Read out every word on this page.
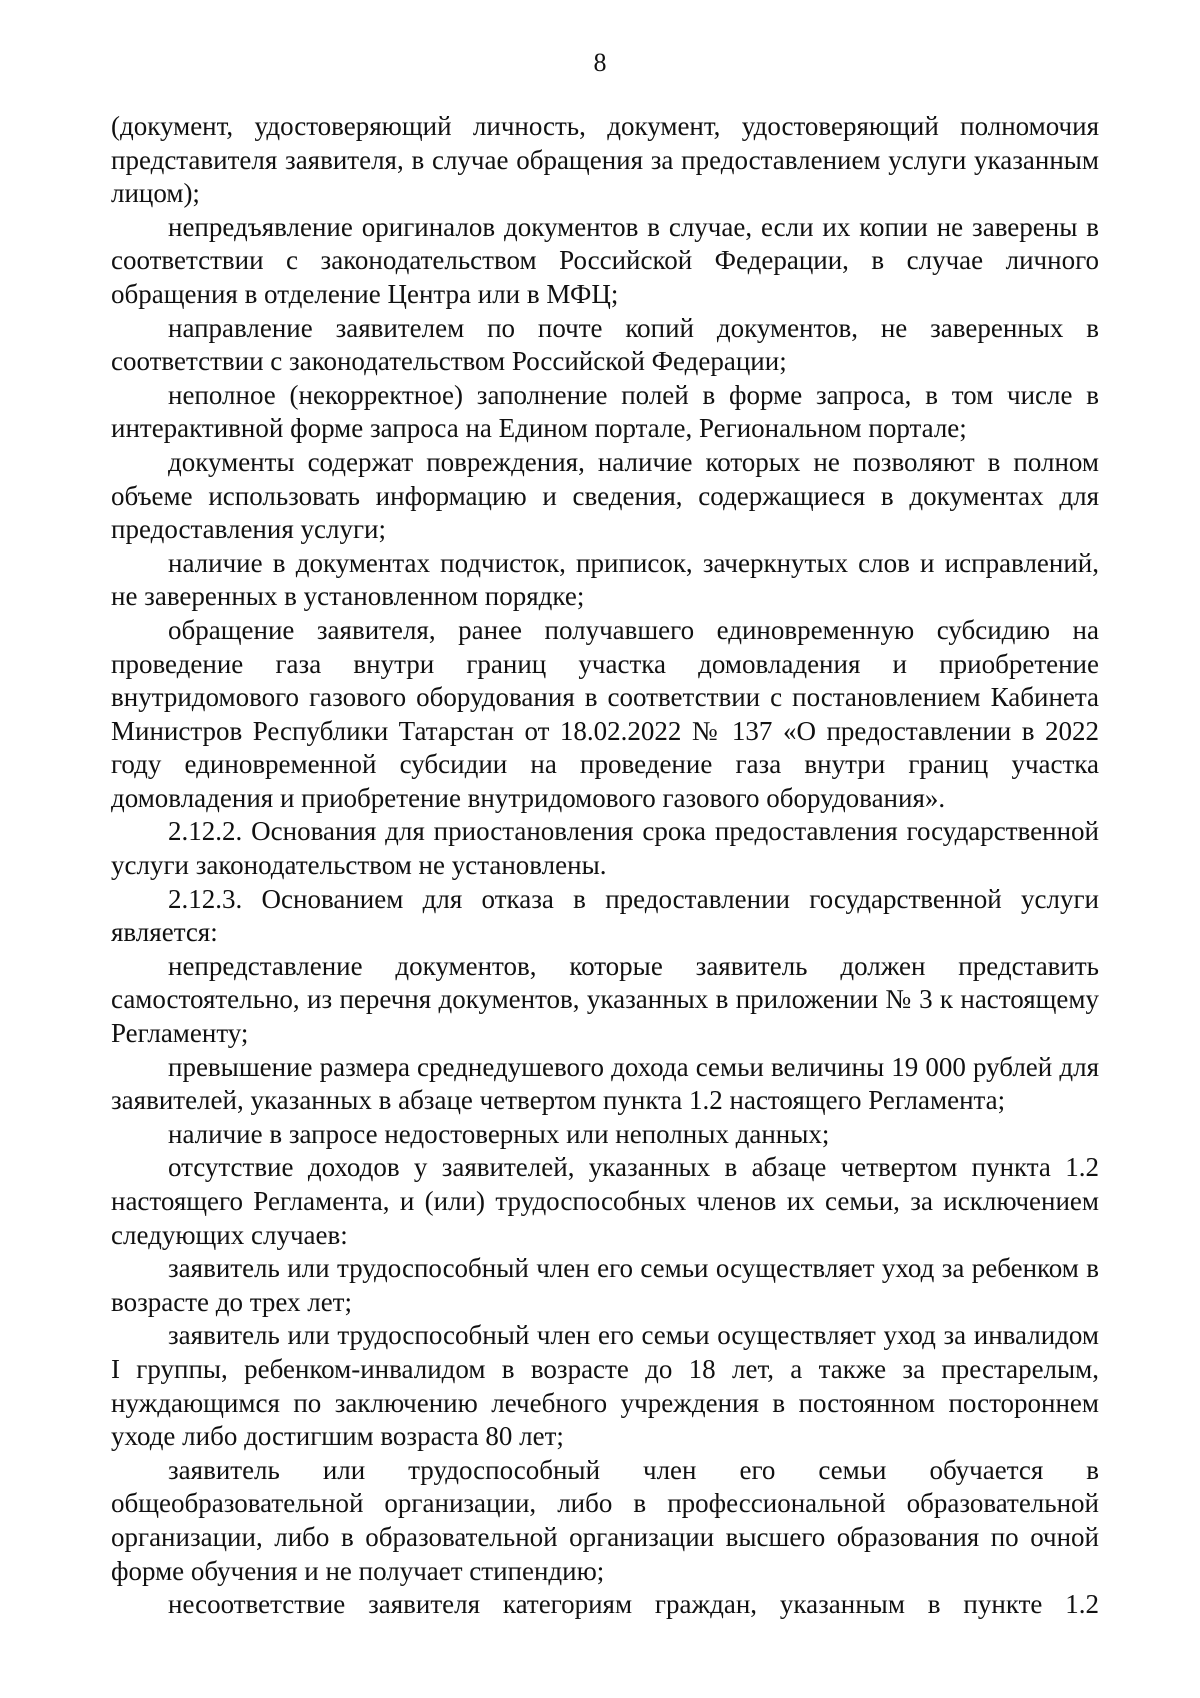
8

(документ, удостоверяющий личность, документ, удостоверяющий полномочия представителя заявителя, в случае обращения за предоставлением услуги указанным лицом);

непредъявление оригиналов документов в случае, если их копии не заверены в соответствии с законодательством Российской Федерации, в случае личного обращения в отделение Центра или в МФЦ;

направление заявителем по почте копий документов, не заверенных в соответствии с законодательством Российской Федерации;

неполное (некорректное) заполнение полей в форме запроса, в том числе в интерактивной форме запроса на Едином портале, Региональном портале;

документы содержат повреждения, наличие которых не позволяют в полном объеме использовать информацию и сведения, содержащиеся в документах для предоставления услуги;

наличие в документах подчисток, приписок, зачеркнутых слов и исправлений, не заверенных в установленном порядке;

обращение заявителя, ранее получавшего единовременную субсидию на проведение газа внутри границ участка домовладения и приобретение внутридомового газового оборудования в соответствии с постановлением Кабинета Министров Республики Татарстан от 18.02.2022 № 137 «О предоставлении в 2022 году единовременной субсидии на проведение газа внутри границ участка домовладения и приобретение внутридомового газового оборудования».

2.12.2. Основания для приостановления срока предоставления государственной услуги законодательством не установлены.

2.12.3. Основанием для отказа в предоставлении государственной услуги является:

непредставление документов, которые заявитель должен представить самостоятельно, из перечня документов, указанных в приложении № 3 к настоящему Регламенту;

превышение размера среднедушевого дохода семьи величины 19 000 рублей для заявителей, указанных в абзаце четвертом пункта 1.2 настоящего Регламента;

наличие в запросе недостоверных или неполных данных;

отсутствие доходов у заявителей, указанных в абзаце четвертом пункта 1.2 настоящего Регламента, и (или) трудоспособных членов их семьи, за исключением следующих случаев:

заявитель или трудоспособный член его семьи осуществляет уход за ребенком в возрасте до трех лет;

заявитель или трудоспособный член его семьи осуществляет уход за инвалидом I группы, ребенком-инвалидом в возрасте до 18 лет, а также за престарелым, нуждающимся по заключению лечебного учреждения в постоянном постороннем уходе либо достигшим возраста 80 лет;

заявитель или трудоспособный член его семьи обучается в общеобразовательной организации, либо в профессиональной образовательной организации, либо в образовательной организации высшего образования по очной форме обучения и не получает стипендию;

несоответствие заявителя категориям граждан, указанным в пункте 1.2
